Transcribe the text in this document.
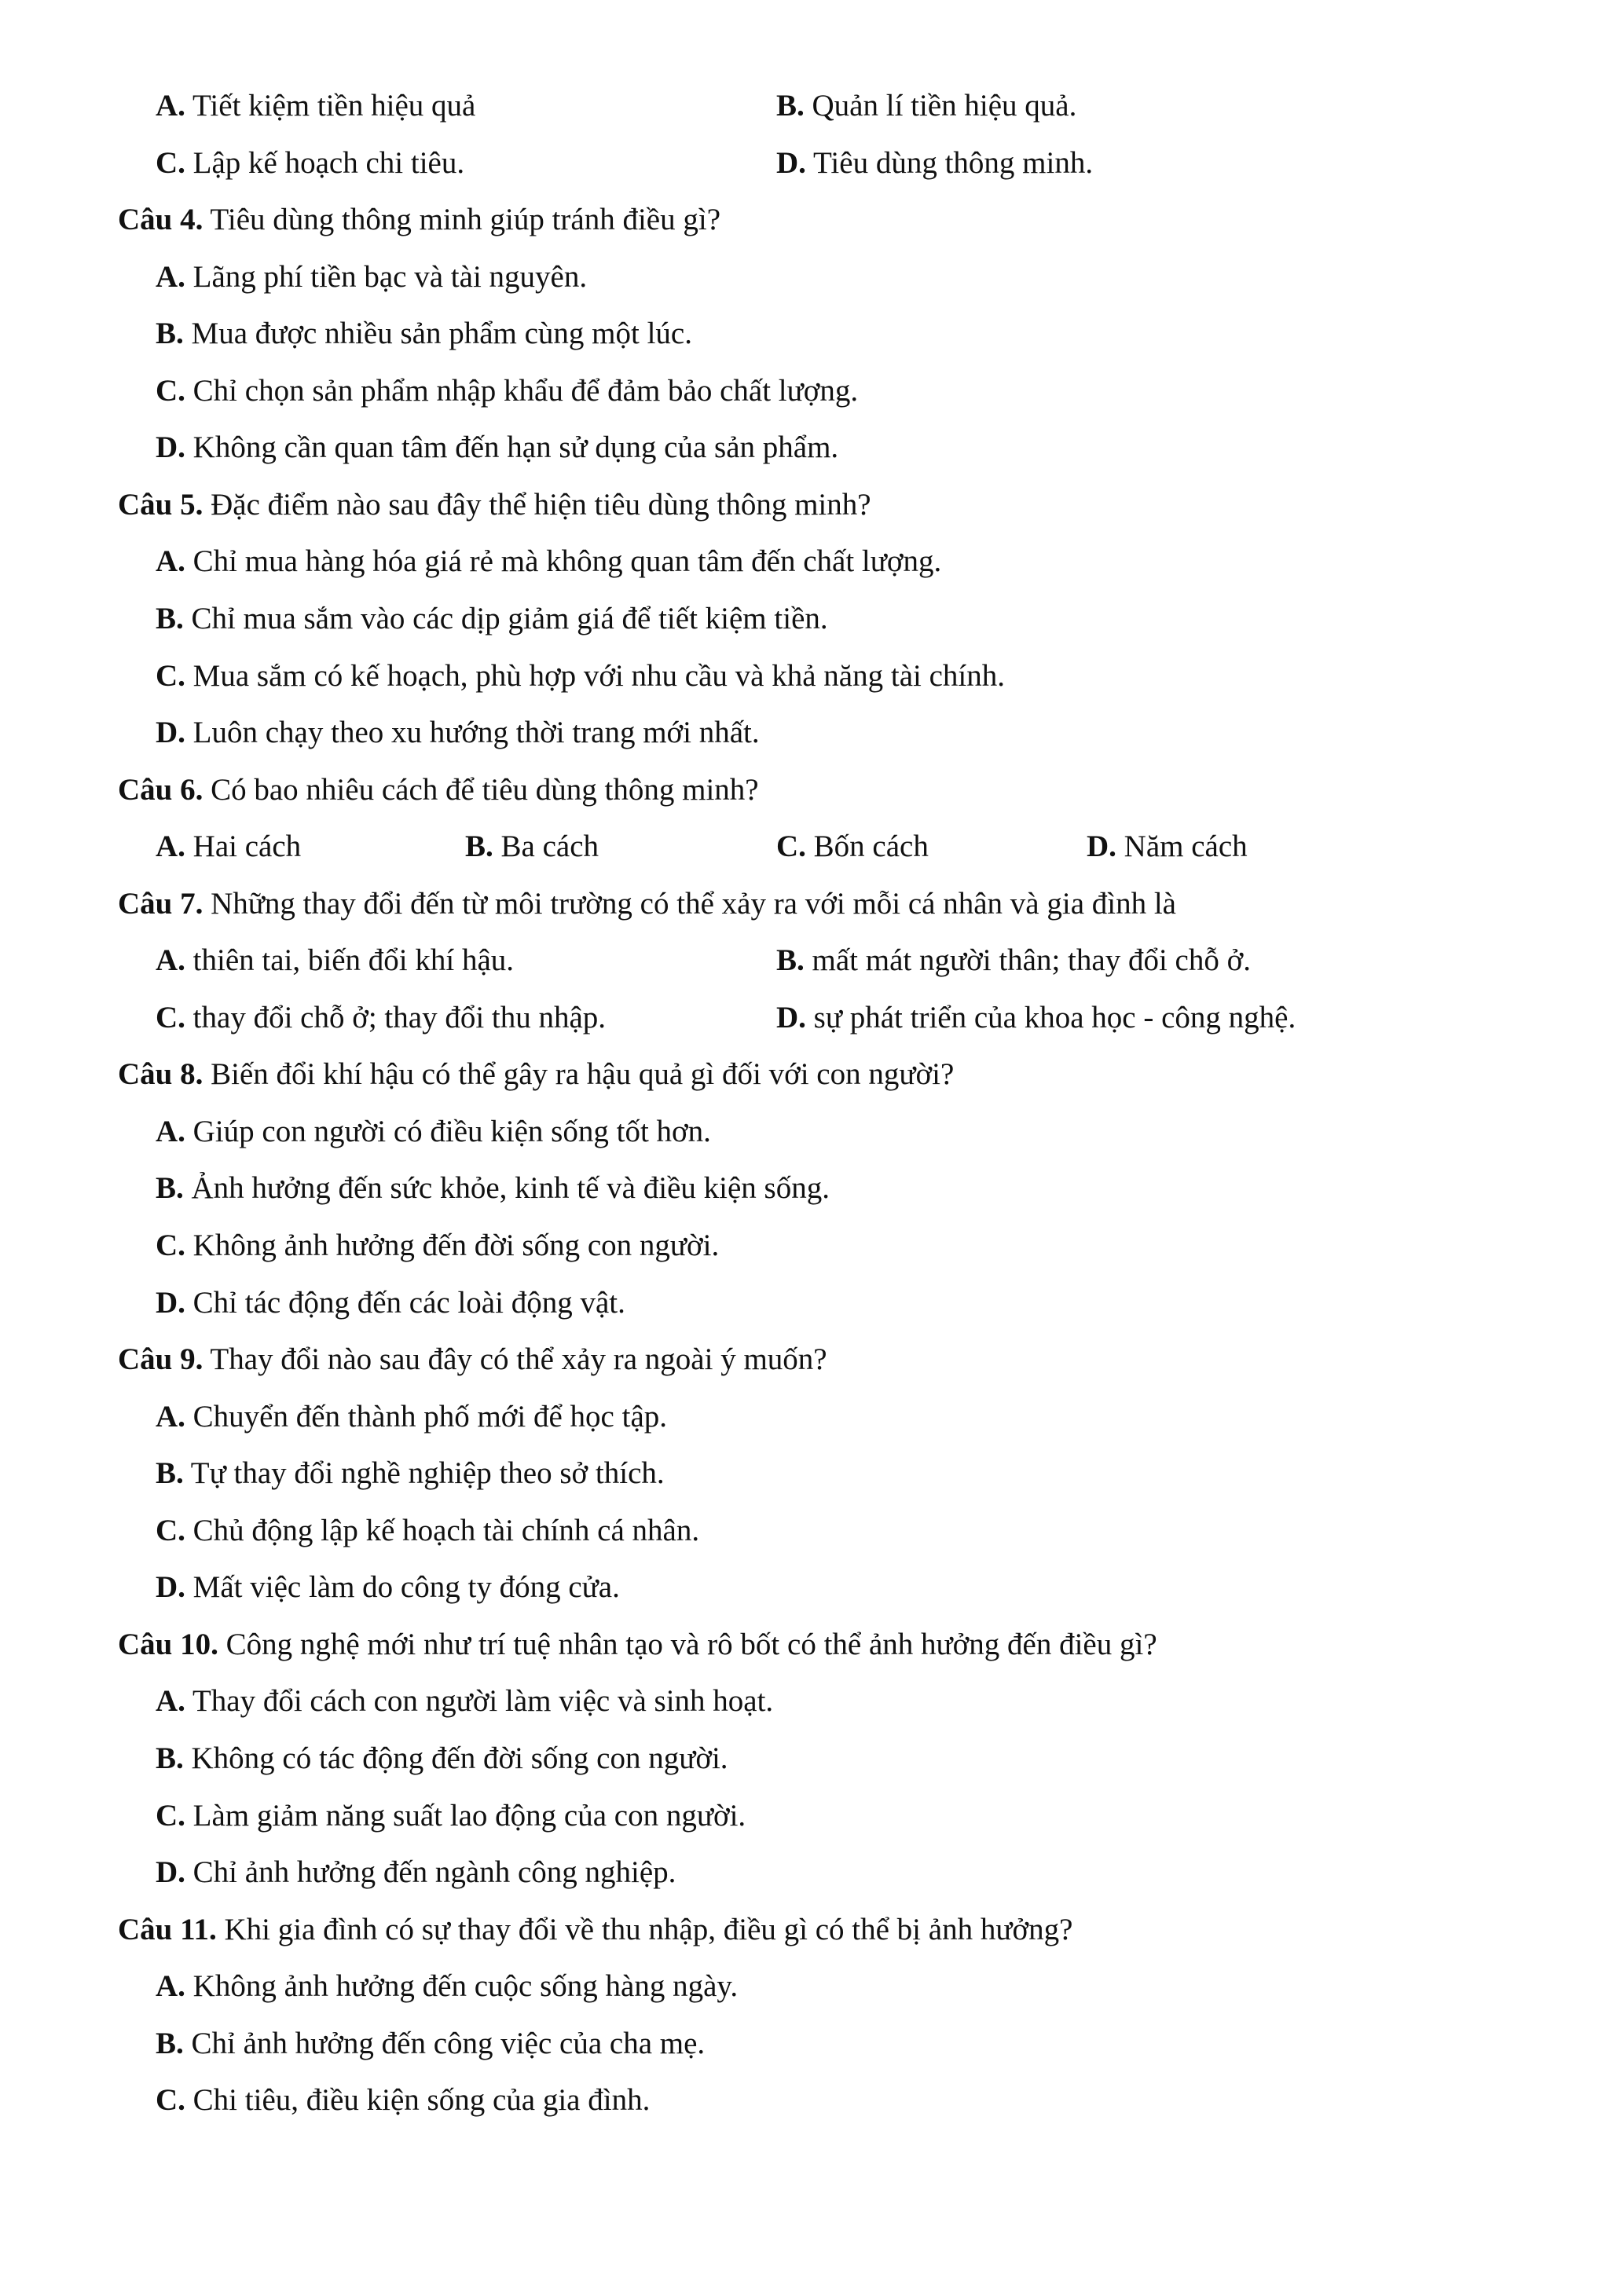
A. Tiết kiệm tiền hiệu quả	B. Quản lí tiền hiệu quả.
C. Lập kế hoạch chi tiêu.	D. Tiêu dùng thông minh.
Câu 4. Tiêu dùng thông minh giúp tránh điều gì?
A. Lãng phí tiền bạc và tài nguyên.
B. Mua được nhiều sản phẩm cùng một lúc.
C. Chỉ chọn sản phẩm nhập khẩu để đảm bảo chất lượng.
D. Không cần quan tâm đến hạn sử dụng của sản phẩm.
Câu 5. Đặc điểm nào sau đây thể hiện tiêu dùng thông minh?
A. Chỉ mua hàng hóa giá rẻ mà không quan tâm đến chất lượng.
B. Chỉ mua sắm vào các dịp giảm giá để tiết kiệm tiền.
C. Mua sắm có kế hoạch, phù hợp với nhu cầu và khả năng tài chính.
D. Luôn chạy theo xu hướng thời trang mới nhất.
Câu 6. Có bao nhiêu cách để tiêu dùng thông minh?
A. Hai cách	B. Ba cách	C. Bốn cách	D. Năm cách
Câu 7. Những thay đổi đến từ môi trường có thể xảy ra với mỗi cá nhân và gia đình là
A. thiên tai, biến đổi khí hậu.	B. mất mát người thân; thay đổi chỗ ở.
C. thay đổi chỗ ở; thay đổi thu nhập.	D. sự phát triển của khoa học - công nghệ.
Câu 8. Biến đổi khí hậu có thể gây ra hậu quả gì đối với con người?
A. Giúp con người có điều kiện sống tốt hơn.
B. Ảnh hưởng đến sức khỏe, kinh tế và điều kiện sống.
C. Không ảnh hưởng đến đời sống con người.
D. Chỉ tác động đến các loài động vật.
Câu 9. Thay đổi nào sau đây có thể xảy ra ngoài ý muốn?
A. Chuyển đến thành phố mới để học tập.
B. Tự thay đổi nghề nghiệp theo sở thích.
C. Chủ động lập kế hoạch tài chính cá nhân.
D. Mất việc làm do công ty đóng cửa.
Câu 10. Công nghệ mới như trí tuệ nhân tạo và rô bốt có thể ảnh hưởng đến điều gì?
A. Thay đổi cách con người làm việc và sinh hoạt.
B. Không có tác động đến đời sống con người.
C. Làm giảm năng suất lao động của con người.
D. Chỉ ảnh hưởng đến ngành công nghiệp.
Câu 11. Khi gia đình có sự thay đổi về thu nhập, điều gì có thể bị ảnh hưởng?
A. Không ảnh hưởng đến cuộc sống hàng ngày.
B. Chỉ ảnh hưởng đến công việc của cha mẹ.
C. Chi tiêu, điều kiện sống của gia đình.
